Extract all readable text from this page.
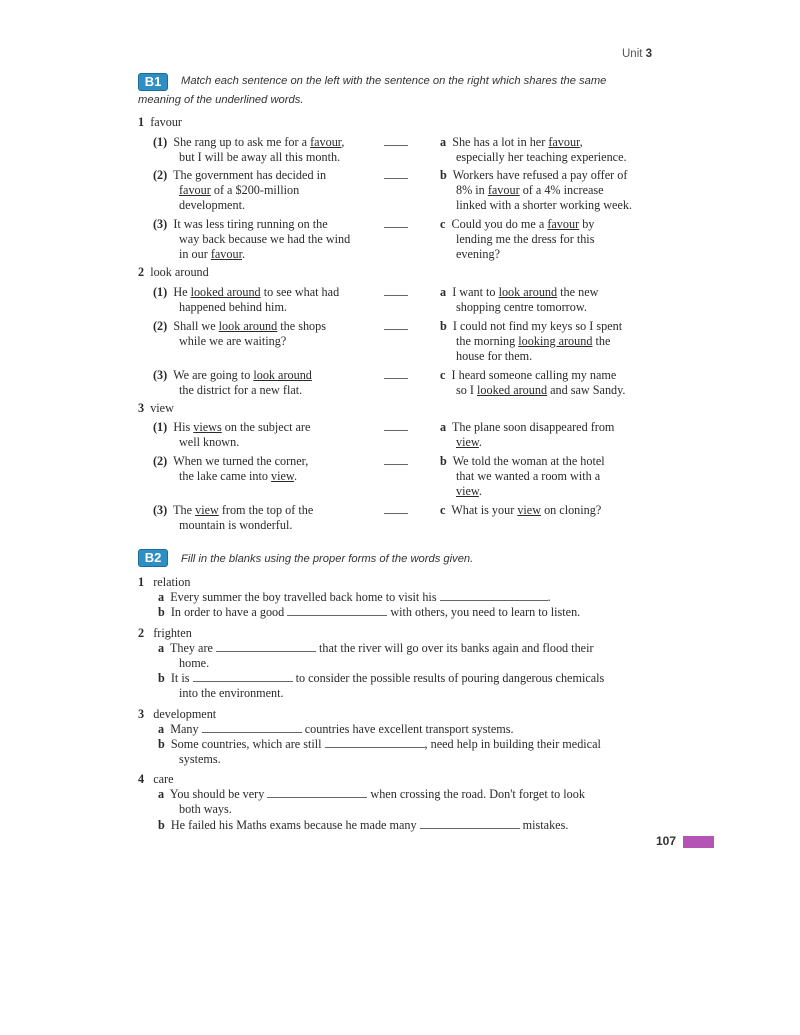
Unit 3
B1	Match each sentence on the left with the sentence on the right which shares the same
meaning of the underlined words.
1 favour
(1)  She rang up to ask me for a favour,
but I will be away all this month.
(2)  The government has decided in
favour of a $200-million
development.
(3)  It was less tiring running on the
way back because we had the wind
in our favour.
a  She has a lot in her favour,
especially her teaching experience.
b  Workers have refused a pay offer of
8% in favour of a 4% increase
linked with a shorter working week.
c  Could you do me a favour by
lending me the dress for this
evening?
2 look around
(1)  He looked around to see what had
happened behind him.
(2)  Shall we look around the shops
while we are waiting?
(3)  We are going to look around
the district for a new flat.
a  I want to look around the new
shopping centre tomorrow.
b  I could not find my keys so I spent
the morning looking around the
house for them.
c  I heard someone calling my name
so I looked around and saw Sandy.
3 view
(1)  His views on the subject are
well known.
(2)  When we turned the corner,
the lake came into view.
(3)  The view from the top of the
mountain is wonderful.
a  The plane soon disappeared from
view.
b  We told the woman at the hotel
that we wanted a room with a
view.
c  What is your view on cloning?
B2	Fill in the blanks using the proper forms of the words given.
1 relation
a  Every summer the boy travelled back home to visit his	.
b  In order to have a good	with others, you need to learn to listen.
2 frighten
a  They are	that the river will go over its banks again and flood their
home.
b  It is	to consider the possible results of pouring dangerous chemicals
into the environment.
3 development
a  Many	countries have excellent transport systems.
b  Some countries, which are still	, need help in building their medical
systems.
4 care
a  You should be very	when crossing the road. Don't forget to look
both ways.
b  He failed his Maths exams because he made many	mistakes.
107
